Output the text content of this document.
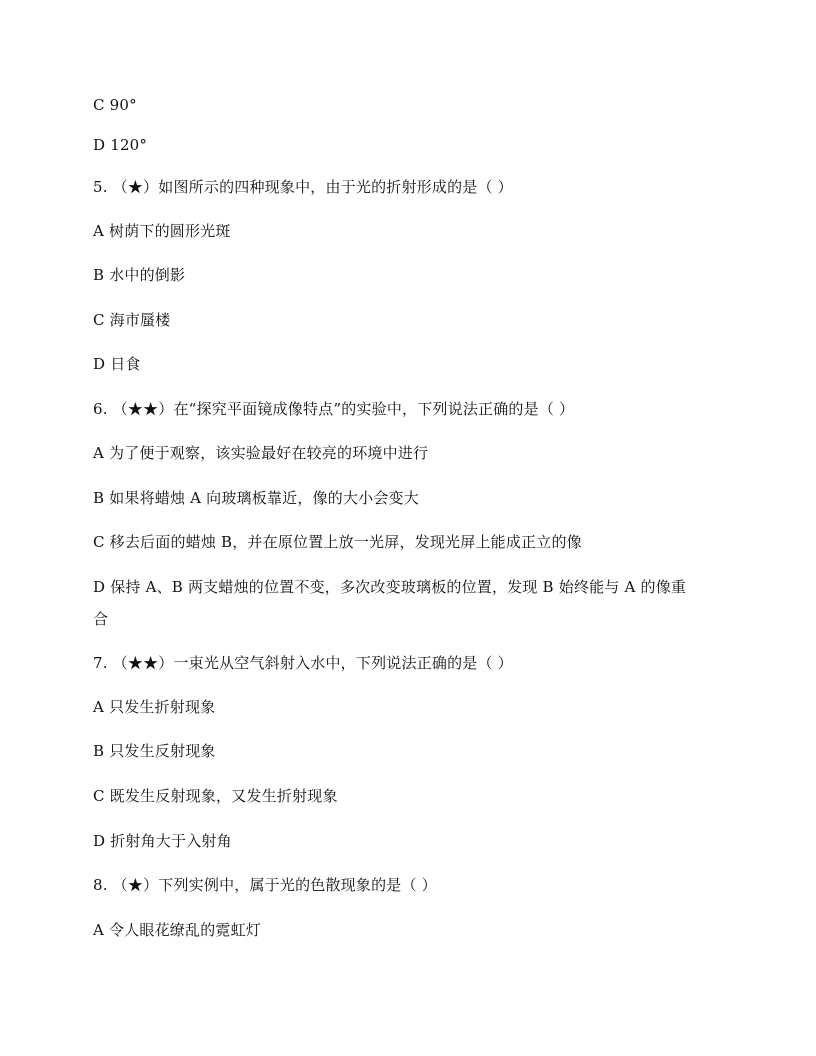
C 90°
D 120°
5. （★）如图所示的四种现象中，由于光的折射形成的是（ ）
A 树荫下的圆形光斑
B 水中的倒影
C 海市蜃楼
D 日食
6. （★★）在“探究平面镜成像特点”的实验中，下列说法正确的是（ ）
A 为了便于观察，该实验最好在较亮的环境中进行
B 如果将蜡烛 A 向玻璃板靠近，像的大小会变大
C 移去后面的蜡烛 B，并在原位置上放一光屏，发现光屏上能成正立的像
D 保持 A、B 两支蜡烛的位置不变，多次改变玻璃板的位置，发现 B 始终能与 A 的像重
合
7. （★★）一束光从空气斜射入水中，下列说法正确的是（ ）
A 只发生折射现象
B 只发生反射现象
C 既发生反射现象，又发生折射现象
D 折射角大于入射角
8. （★）下列实例中，属于光的色散现象的是（ ）
A 令人眼花缭乱的霓虹灯
